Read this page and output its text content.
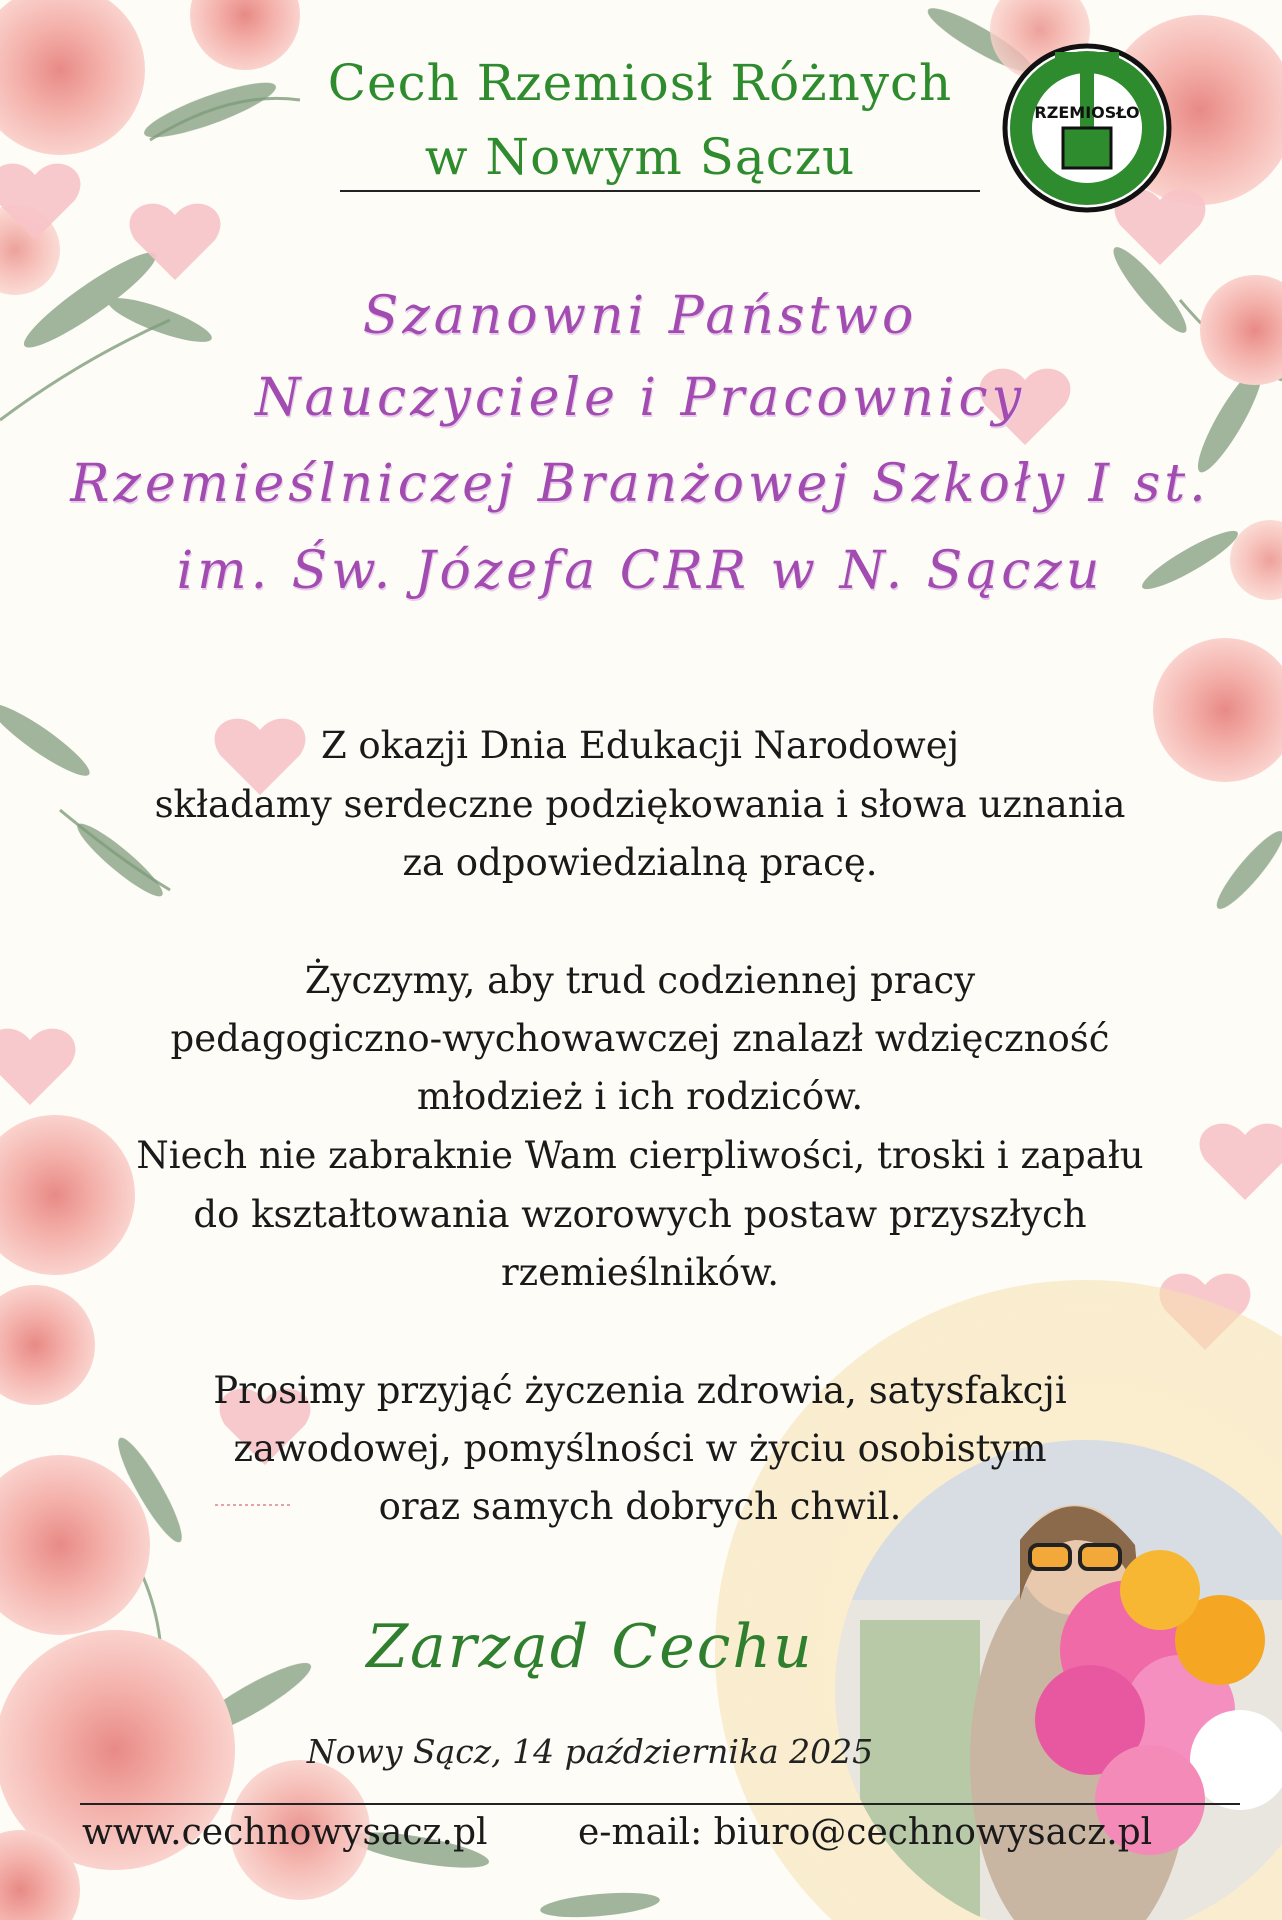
RZEMIOSŁO
Cech Rzemiosł Różnych
w Nowym Sączu
Szanowni Państwo
Nauczyciele i Pracownicy
Rzemieślniczej Branżowej Szkoły I st.
im. Św. Józefa CRR w N. Sączu
Z okazji Dnia Edukacji Narodowej
składamy serdeczne podziękowania i słowa uznania
za odpowiedzialną pracę.
Życzymy, aby trud codziennej pracy
pedagogiczno-wychowawczej znalazł wdzięczność
młodzież i ich rodziców.
Niech nie zabraknie Wam cierpliwości, troski i zapału
do kształtowania wzorowych postaw przyszłych
rzemieślników.
Prosimy przyjąć życzenia zdrowia, satysfakcji
zawodowej, pomyślności w życiu osobistym
oraz samych dobrych chwil.
Zarząd Cechu
Nowy Sącz, 14 października 2025
www.cechnowysacz.pl	e-mail: biuro@cechnowysacz.pl
